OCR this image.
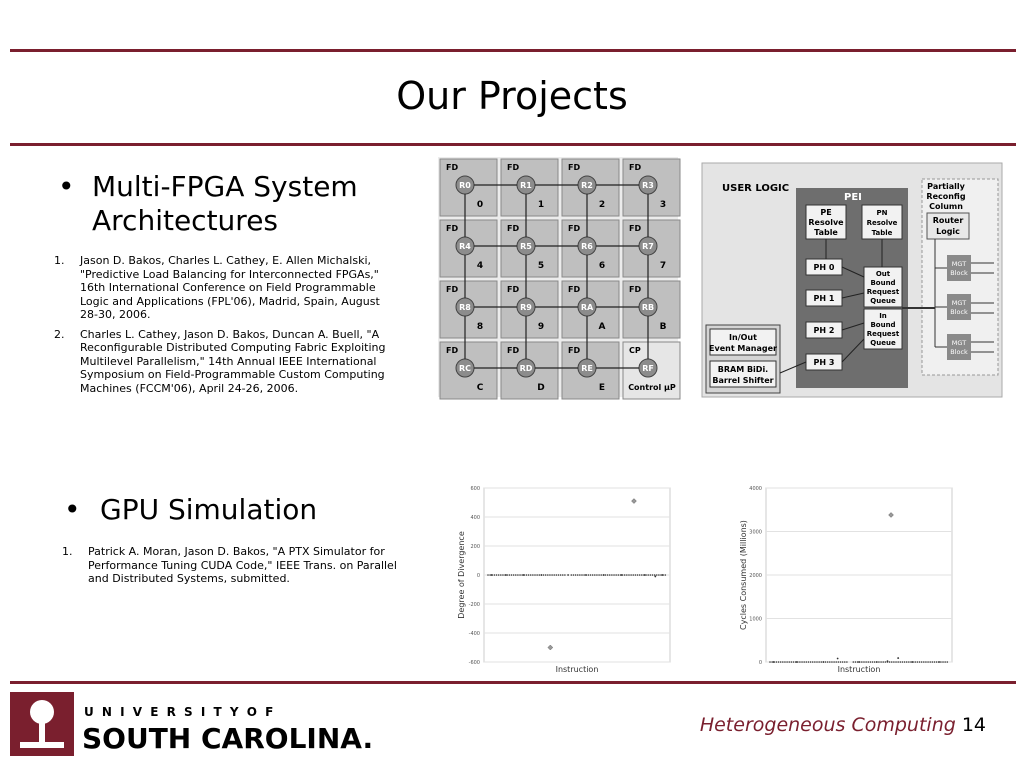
Our Projects
• Multi-FPGA System
Architectures
1. Jason D. Bakos, Charles L. Cathey, E. Allen Michalski,
"Predictive Load Balancing for Interconnected FPGAs,"
16th International Conference on Field Programmable
Logic and Applications (FPL'06), Madrid, Spain, August
28-30, 2006.
2. Charles L. Cathey, Jason D. Bakos, Duncan A. Buell, "A
Reconfigurable Distributed Computing Fabric Exploiting
Multilevel Parallelism," 14th Annual IEEE International
Symposium on Field-Programmable Custom Computing
Machines (FCCM'06), April 24-26, 2006.
• GPU Simulation
1. Patrick A. Moran, Jason D. Bakos, "A PTX Simulator for
Performance Tuning CUDA Code," IEEE Trans. on Parallel
and Distributed Systems, submitted.
CP
RF
Control µP
FD
RE
E
FD
RD
D
FD
RC
C
FD
RB
B
FD
RA
A
FD
R9
9
FD
R8
8
FD
R7
7
FD
R6
6
FD
R5
5
FD
R4
4
FD
R3
3
FD
R2
2
FD
R1
1
FD
R0
0
USER LOGIC
PEI
PE
Resolve
Table
PN
Resolve
Table
PH 0
PH 1
PH 2
PH 3
Out
Bound
Request
Queue
In
Bound
Request
Queue
Partially
Reconfig
Column
Router
Logic
MGT
Block
MGT
Block
MGT
Block
In/Out
Event Manager
BRAM BiDi.
Barrel Shifter
600
400
200
0
-200
-400
-600
Instruction
Degree of Divergence
4000
3000
2000
1000
0
Instruction
Cycles Consumed (Millions)
U N I V E R S I T Y O F
SOUTH CAROLINA.	Heterogeneous Computing 14
